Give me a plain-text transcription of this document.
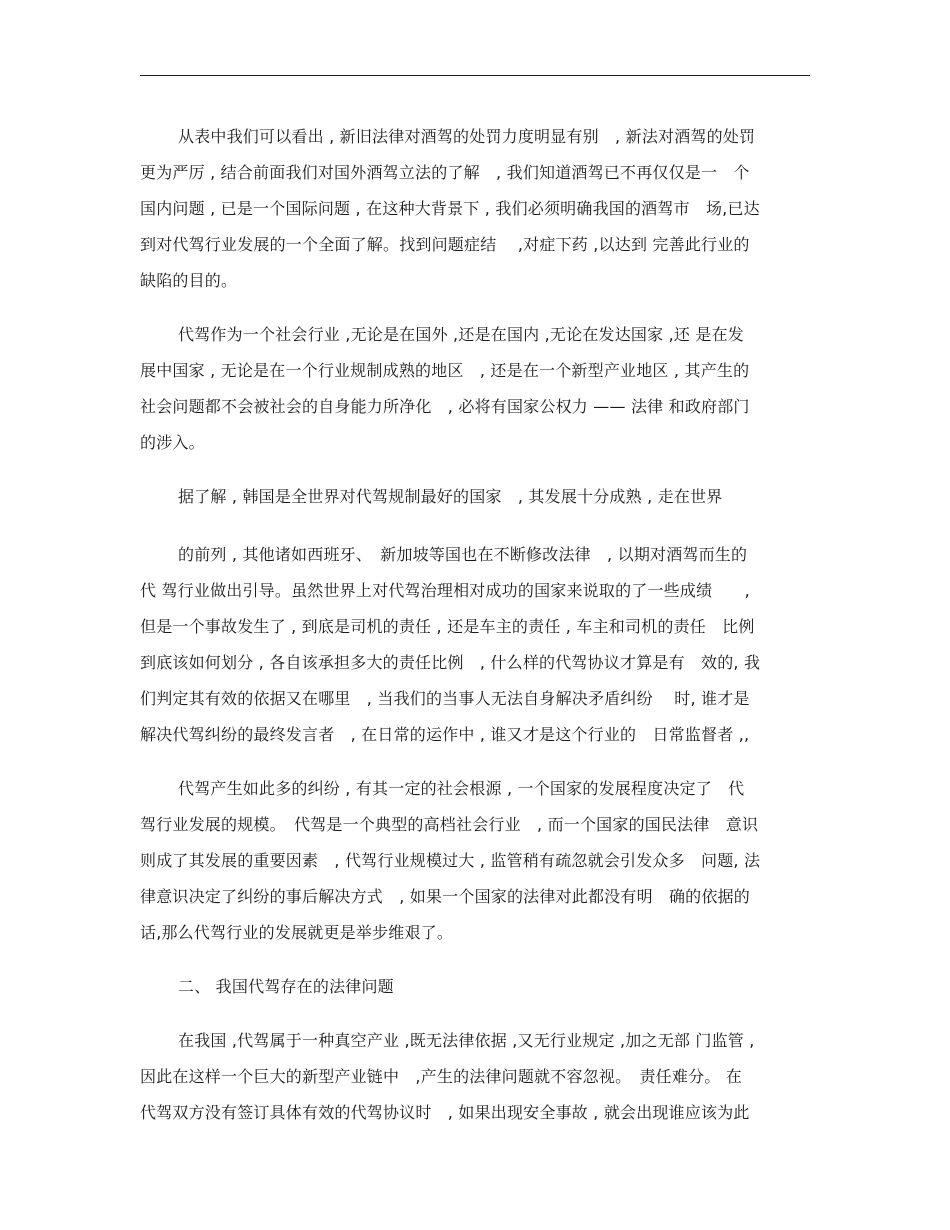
从表中我们可以看出 , 新旧法律对酒驾的处罚力度明显有别　, 新法对酒驾的处罚
更为严厉 , 结合前面我们对国外酒驾立法的了解　, 我们知道酒驾已不再仅仅是一　个
国内问题 , 已是一个国际问题 , 在这种大背景下 , 我们必须明确我国的酒驾市　场,已达
到对代驾行业发展的一个全面了解。找到问题症结　 ,对症下药 ,以达到 完善此行业的
缺陷的目的。

代驾作为一个社会行业 ,无论是在国外 ,还是在国内 ,无论在发达国家 ,还 是在发
展中国家 , 无论是在一个行业规制成熟的地区　, 还是在一个新型产业地区 , 其产生的
社会问题都不会被社会的自身能力所净化　, 必将有国家公权力 —— 法律 和政府部门
的涉入。

据了解 , 韩国是全世界对代驾规制最好的国家　, 其发展十分成熟 , 走在世界

的前列 , 其他诸如西班牙、　新加坡等国也在不断修改法律　, 以期对酒驾而生的
代 驾行业做出引导。虽然世界上对代驾治理相对成功的国家来说取的了一些成绩　　,
但是一个事故发生了 , 到底是司机的责任 , 还是车主的责任 , 车主和司机的责任　比例
到底该如何划分 , 各自该承担多大的责任比例　, 什么样的代驾协议才算是有　效的, 我
们判定其有效的依据又在哪里　, 当我们的当事人无法自身解决矛盾纠纷　 时, 谁才是
解决代驾纠纷的最终发言者　, 在日常的运作中 , 谁又才是这个行业的　日常监督者 ,,

代驾产生如此多的纠纷 , 有其一定的社会根源 , 一个国家的发展程度决定了　代
驾行业发展的规模。　代驾是一个典型的高档社会行业　, 而一个国家的国民法律　意识
则成了其发展的重要因素　, 代驾行业规模过大 , 监管稍有疏忽就会引发众多　问题, 法
律意识决定了纠纷的事后解决方式　, 如果一个国家的法律对此都没有明　确的依据的
话,那么代驾行业的发展就更是举步维艰了。

二、 我国代驾存在的法律问题

在我国 ,代驾属于一种真空产业 ,既无法律依据 ,又无行业规定 ,加之无部 门监管 ,
因此在这样一个巨大的新型产业链中　,产生的法律问题就不容忽视。　责任难分。 在
代驾双方没有签订具体有效的代驾协议时　, 如果出现安全事故 , 就会出现谁应该为此
